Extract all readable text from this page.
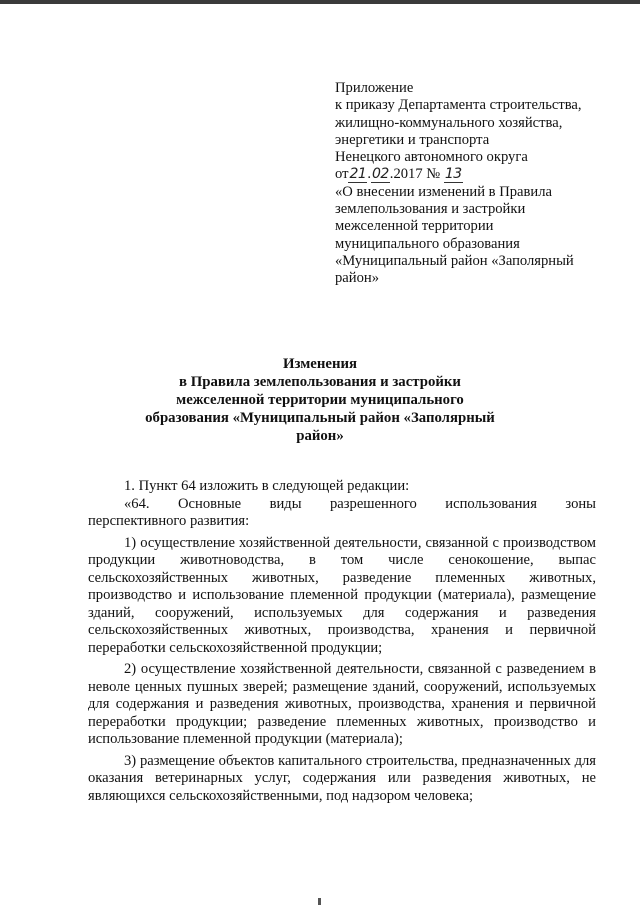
Приложение
к приказу Департамента строительства,
жилищно-коммунального хозяйства,
энергетики и транспорта
Ненецкого автономного округа
от21.02.2017 № 13
«О внесении изменений в Правила
землепользования и застройки
межселенной территории
муниципального образования
«Муниципальный район «Заполярный
район»
Изменения
в Правила землепользования и застройки
межселенной территории муниципального
образования «Муниципальный район «Заполярный
район»

1. Пункт 64 изложить в следующей редакции:

«64. Основные виды разрешенного использования зоны

перспективного развития:

1) осуществление хозяйственной деятельности, связанной с производством продукции животноводства, в том числе сенокошение, выпас сельскохозяйственных животных, разведение племенных животных, производство и использование племенной продукции (материала), размещение зданий, сооружений, используемых для содержания и разведения сельскохозяйственных животных, производства, хранения и первичной переработки сельскохозяйственной продукции;

2) осуществление хозяйственной деятельности, связанной с разведением в неволе ценных пушных зверей; размещение зданий, сооружений, используемых для содержания и разведения животных, производства, хранения и первичной переработки продукции; разведение племенных животных, производство и использование племенной продукции (материала);

3) размещение объектов капитального строительства, предназначенных для оказания ветеринарных услуг, содержания или разведения животных, не являющихся сельскохозяйственными, под надзором человека;
